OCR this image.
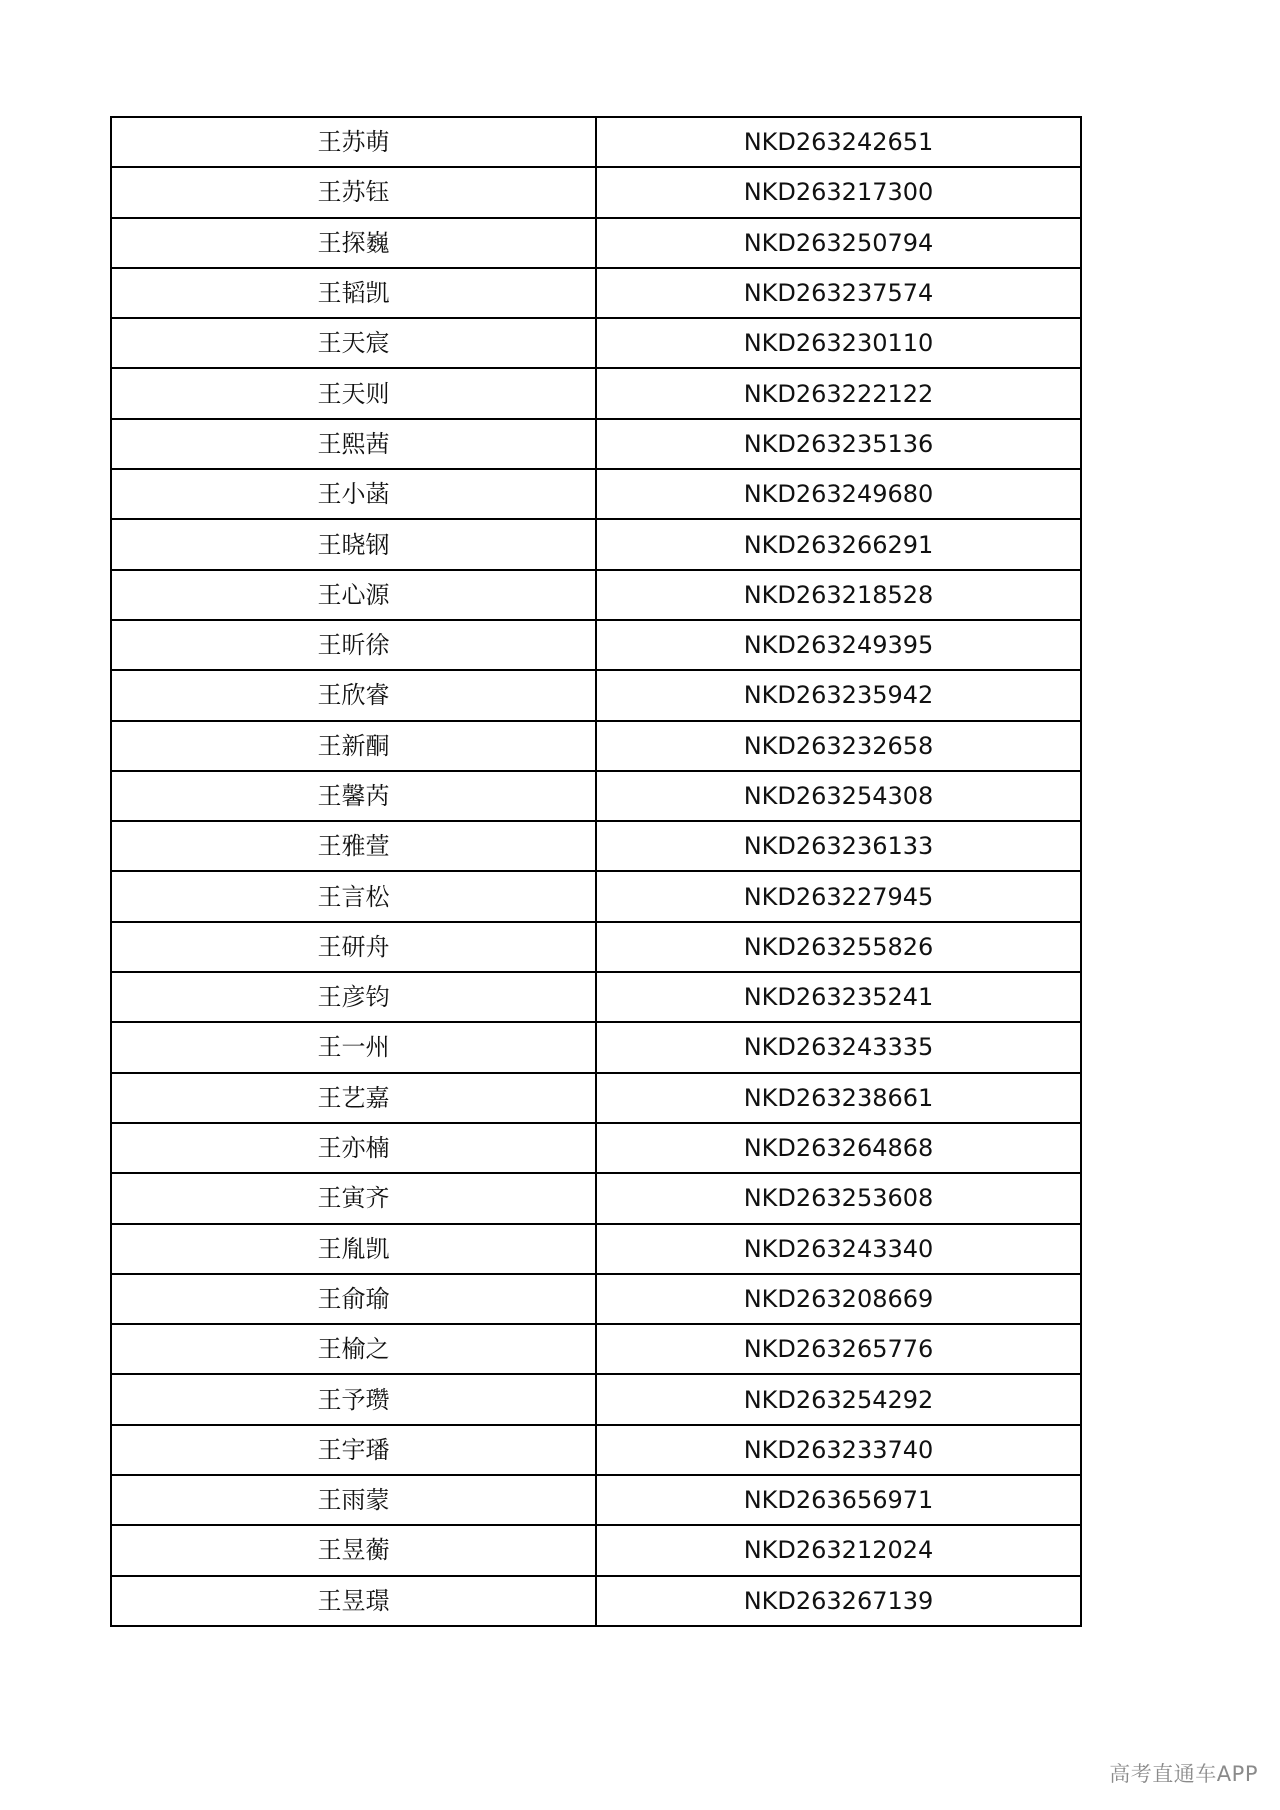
王苏萌	NKD263242651
王苏钰	NKD263217300
王探巍	NKD263250794
王韬凯	NKD263237574
王天宸	NKD263230110
王天则	NKD263222122
王熙茜	NKD263235136
王小菡	NKD263249680
王晓钢	NKD263266291
王心源	NKD263218528
王昕徐	NKD263249395
王欣睿	NKD263235942
王新酮	NKD263232658
王馨芮	NKD263254308
王雅萱	NKD263236133
王言松	NKD263227945
王研舟	NKD263255826
王彦钧	NKD263235241
王一州	NKD263243335
王艺嘉	NKD263238661
王亦楠	NKD263264868
王寅齐	NKD263253608
王胤凯	NKD263243340
王俞瑜	NKD263208669
王榆之	NKD263265776
王予瓒	NKD263254292
王宇璠	NKD263233740
王雨蒙	NKD263656971
王昱蘅	NKD263212024
王昱璟	NKD263267139
高考直通车APP
